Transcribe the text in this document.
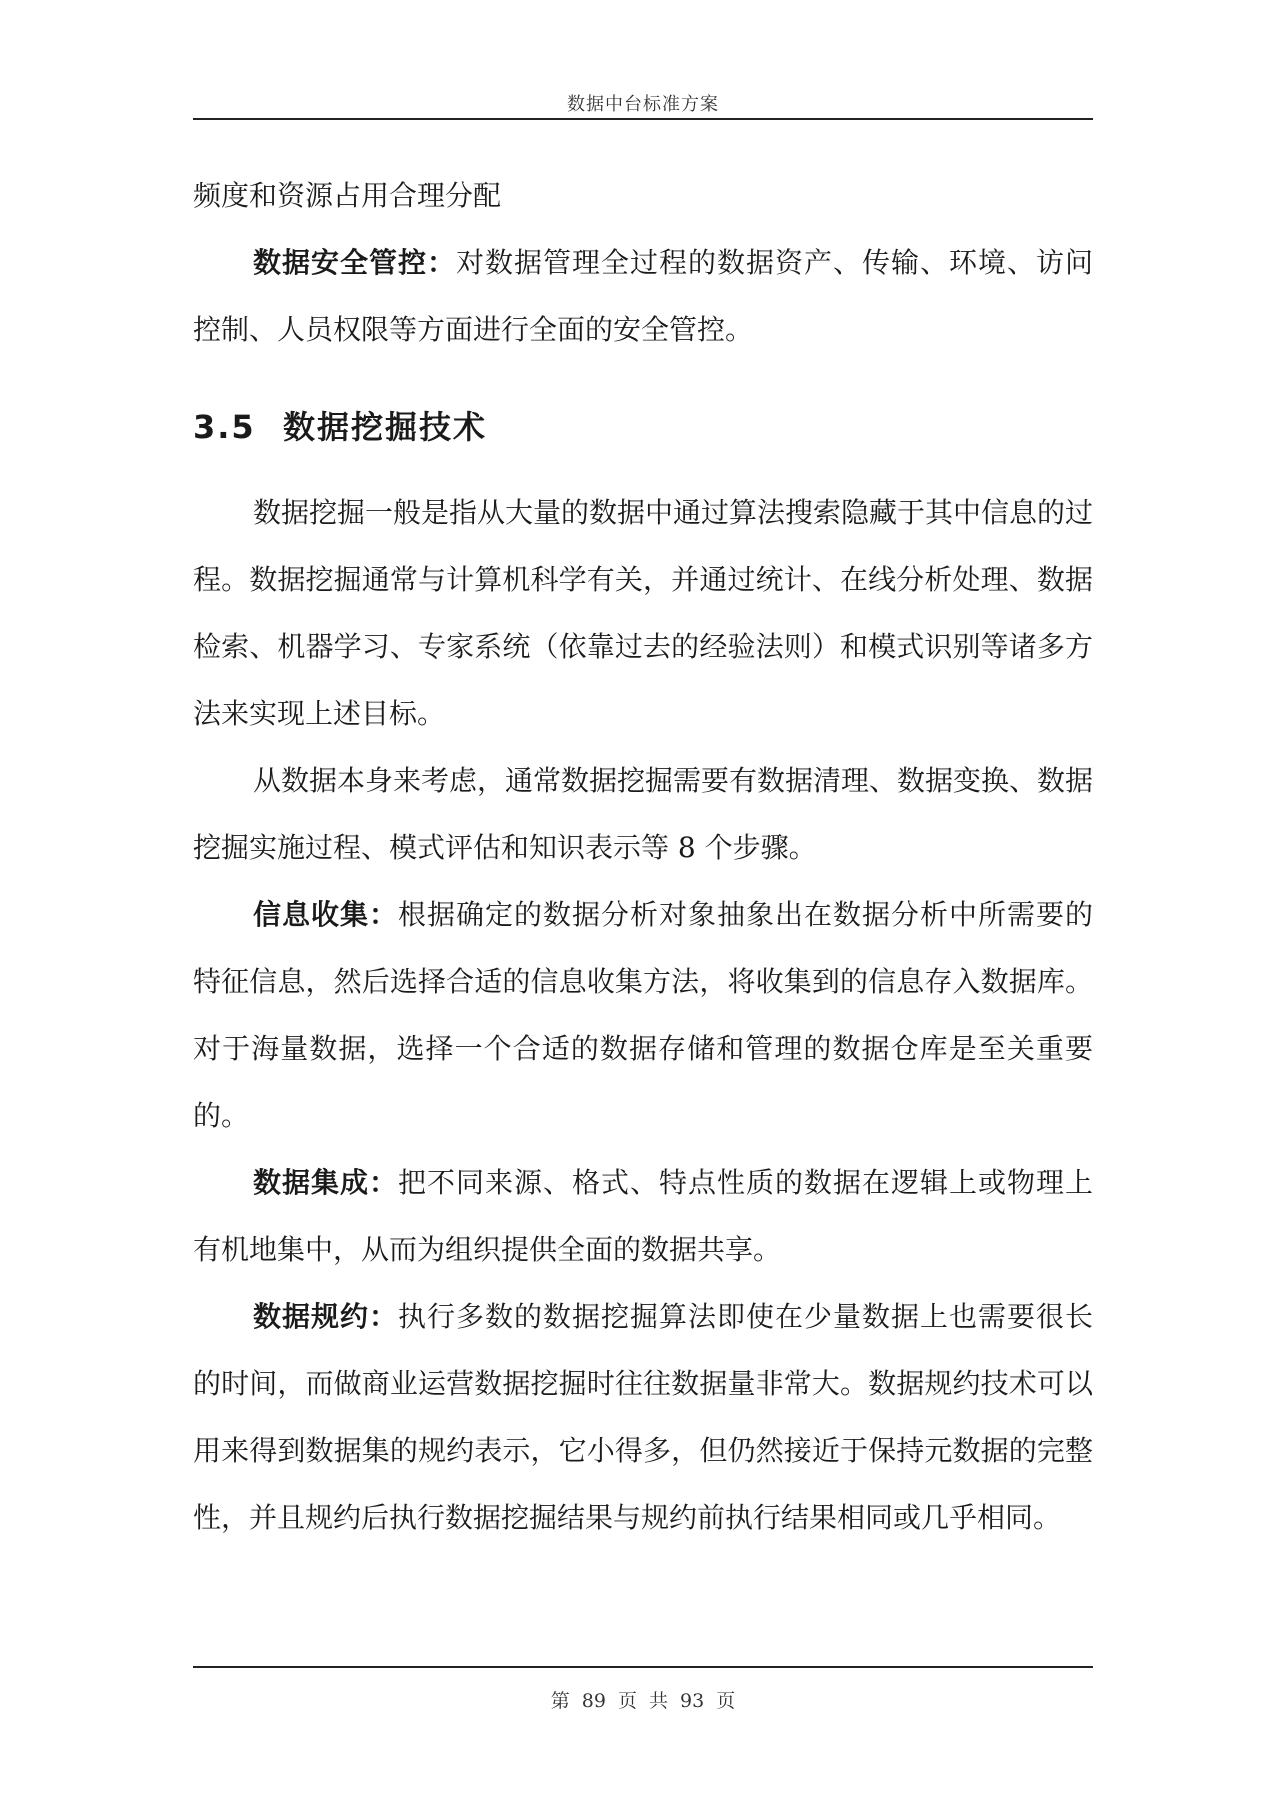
数据中台标准方案

频度和资源占用合理分配

数据安全管控：对数据管理全过程的数据资产、传输、环境、访问控制、人员权限等方面进行全面的安全管控。

3.5 数据挖掘技术

数据挖掘一般是指从大量的数据中通过算法搜索隐藏于其中信息的过程。数据挖掘通常与计算机科学有关，并通过统计、在线分析处理、数据检索、机器学习、专家系统（依靠过去的经验法则）和模式识别等诸多方法来实现上述目标。

从数据本身来考虑，通常数据挖掘需要有数据清理、数据变换、数据挖掘实施过程、模式评估和知识表示等 8 个步骤。

信息收集：根据确定的数据分析对象抽象出在数据分析中所需要的特征信息，然后选择合适的信息收集方法，将收集到的信息存入数据库。对于海量数据，选择一个合适的数据存储和管理的数据仓库是至关重要的。

数据集成：把不同来源、格式、特点性质的数据在逻辑上或物理上有机地集中，从而为组织提供全面的数据共享。

数据规约：执行多数的数据挖掘算法即使在少量数据上也需要很长的时间，而做商业运营数据挖掘时往往数据量非常大。数据规约技术可以用来得到数据集的规约表示，它小得多，但仍然接近于保持元数据的完整性，并且规约后执行数据挖掘结果与规约前执行结果相同或几乎相同。

第 89 页 共 93 页
